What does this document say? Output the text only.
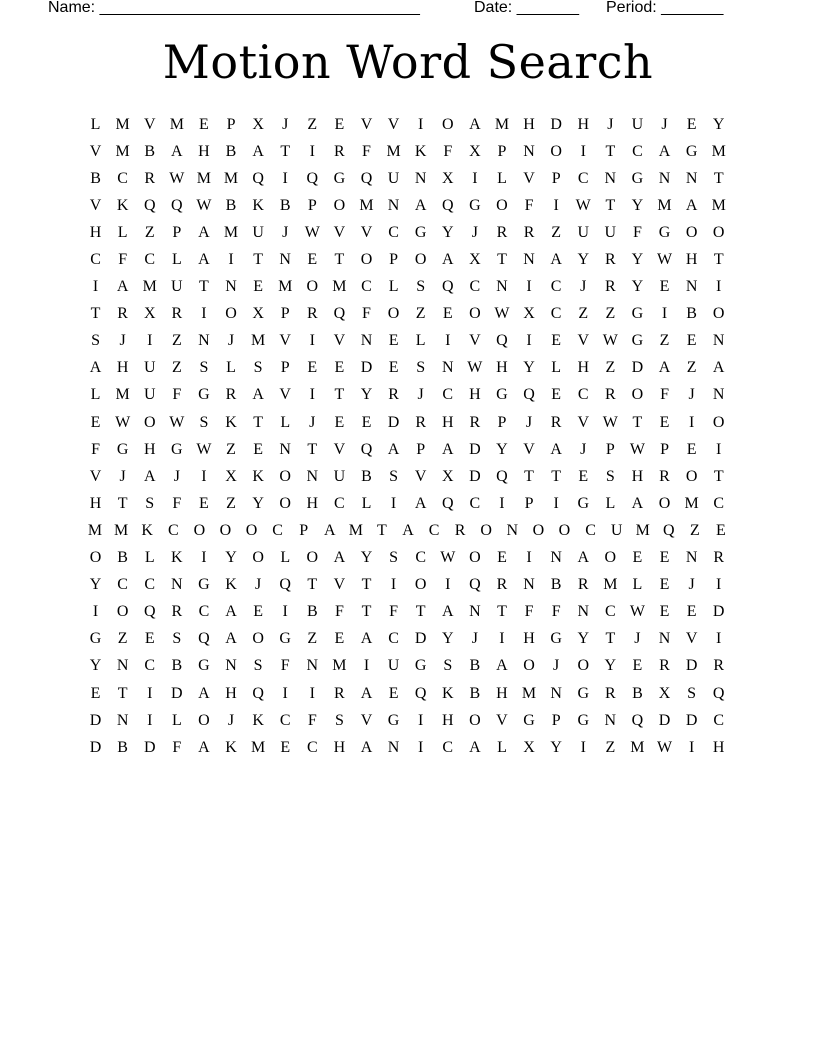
Name: ____________________________________	Date: _______ Period: _______
Motion Word Search
L M V M E	P	X	J	Z	E	V V	I	O A M H D H	J	U	J	E	Y
V M B A H B A	T	I	R	F M K	F	X	P	N O	I	T	C A G M
B	C	R W M M Q	I	Q G Q U N X	I	L	V	P	C N G N N	T
V K Q Q W B K B	P	O M N A Q G O	F	I	W T	Y M A M
H	L	Z	P	A M U	J	W V V C G Y	J	R	R	Z	U U	F	G O O
C	F	C	L	A	I	T	N	E	T	O	P	O A X	T	N A Y R Y W H	T
I	A M U	T	N	E M O M C	L	S	Q C N	I	C	J	R Y	E	N	I
T	R X R	I	O X	P	R Q	F	O	Z	E	O W X C	Z	Z	G	I	B O
S	J	I	Z	N	J	M V	I	V N	E	L	I	V Q	I	E	V W G	Z	E	N
A H U	Z	S	L	S	P	E	E	D	E	S	N W H Y	L	H	Z	D A	Z	A
L M U	F	G R A V	I	T	Y R	J	C H G Q	E	C	R O	F	J	N
E W O W S	K	T	L	J	E	E	D R H R	P	J	R V W T	E	I	O
F	G H G W Z	E	N	T	V Q A	P	A D Y V A	J	P W P	E	I
V	J	A	J	I	X K O N U B	S	V X D Q	T	T	E	S	H R O	T
H	T	S	F	E	Z	Y O H C	L	I	A Q C	I	P	I	G	L	A O M C
M M K C O O O C	P A M T A C R O N O O C U M Q Z	E
O B	L	K	I	Y O	L	O A Y	S	C W O	E	I	N A O	E	E	N R
Y C	C N G K	J	Q	T	V	T	I	O	I	Q R N B	R M L	E	J	I
I	O Q R	C A	E	I	B	F	T	F	T	A N	T	F	F	N C W E	E	D
G	Z	E	S	Q A O G	Z	E	A C D Y	J	I	H G Y	T	J	N V	I
Y N C	B G N	S	F	N M	I	U G	S	B A O	J	O Y	E	R D R
E	T	I	D A H Q	I	I	R A	E	Q K B H M N G R	B X	S	Q
D N	I	L	O	J	K C	F	S	V G	I	H O V G	P	G N Q D D C
D B D	F	A K M E	C H A N	I	C A	L	X Y	I	Z M W	I	H
